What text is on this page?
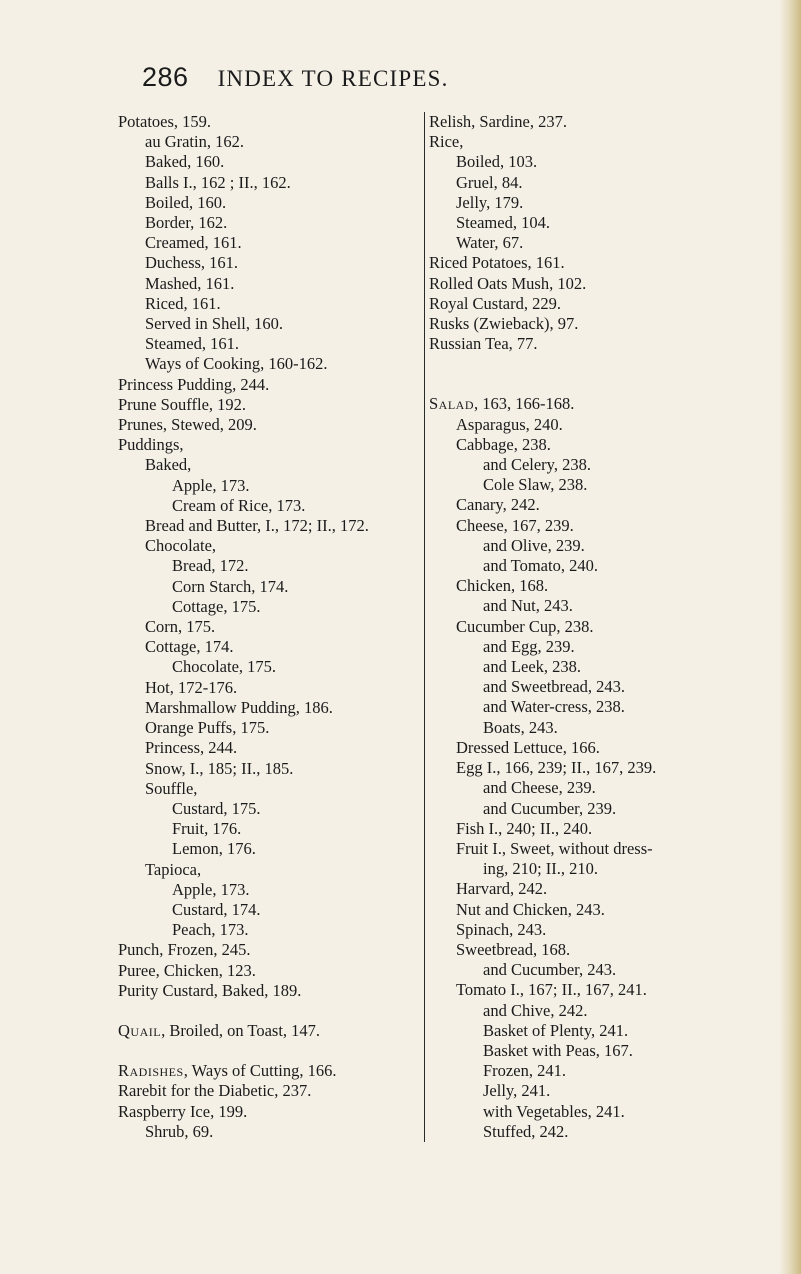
286 INDEX TO RECIPES.
Potatoes, 159.
au Gratin, 162.
Baked, 160.
Balls I., 162 ; II., 162.
Boiled, 160.
Border, 162.
Creamed, 161.
Duchess, 161.
Mashed, 161.
Riced, 161.
Served in Shell, 160.
Steamed, 161.
Ways of Cooking, 160-162.
Princess Pudding, 244.
Prune Souffle, 192.
Prunes, Stewed, 209.
Puddings,
Baked,
Apple, 173.
Cream of Rice, 173.
Bread and Butter, I., 172; II., 172.
Chocolate,
Bread, 172.
Corn Starch, 174.
Cottage, 175.
Corn, 175.
Cottage, 174.
Chocolate, 175.
Hot, 172-176.
Marshmallow Pudding, 186.
Orange Puffs, 175.
Princess, 244.
Snow, I., 185; II., 185.
Souffle,
Custard, 175.
Fruit, 176.
Lemon, 176.
Tapioca,
Apple, 173.
Custard, 174.
Peach, 173.
Punch, Frozen, 245.
Puree, Chicken, 123.
Purity Custard, Baked, 189.
Quail, Broiled, on Toast, 147.
Radishes, Ways of Cutting, 166.
Rarebit for the Diabetic, 237.
Raspberry Ice, 199.
Shrub, 69.
Relish, Sardine, 237.
Rice,
Boiled, 103.
Gruel, 84.
Jelly, 179.
Steamed, 104.
Water, 67.
Riced Potatoes, 161.
Rolled Oats Mush, 102.
Royal Custard, 229.
Rusks (Zwieback), 97.
Russian Tea, 77.
Salad, 163, 166-168.
Asparagus, 240.
Cabbage, 238.
and Celery, 238.
Cole Slaw, 238.
Canary, 242.
Cheese, 167, 239.
and Olive, 239.
and Tomato, 240.
Chicken, 168.
and Nut, 243.
Cucumber Cup, 238.
and Egg, 239.
and Leek, 238.
and Sweetbread, 243.
and Water-cress, 238.
Boats, 243.
Dressed Lettuce, 166.
Egg I., 166, 239; II., 167, 239.
and Cheese, 239.
and Cucumber, 239.
Fish I., 240; II., 240.
Fruit I., Sweet, without dress-
ing, 210; II., 210.
Harvard, 242.
Nut and Chicken, 243.
Spinach, 243.
Sweetbread, 168.
and Cucumber, 243.
Tomato I., 167; II., 167, 241.
and Chive, 242.
Basket of Plenty, 241.
Basket with Peas, 167.
Frozen, 241.
Jelly, 241.
with Vegetables, 241.
Stuffed, 242.
